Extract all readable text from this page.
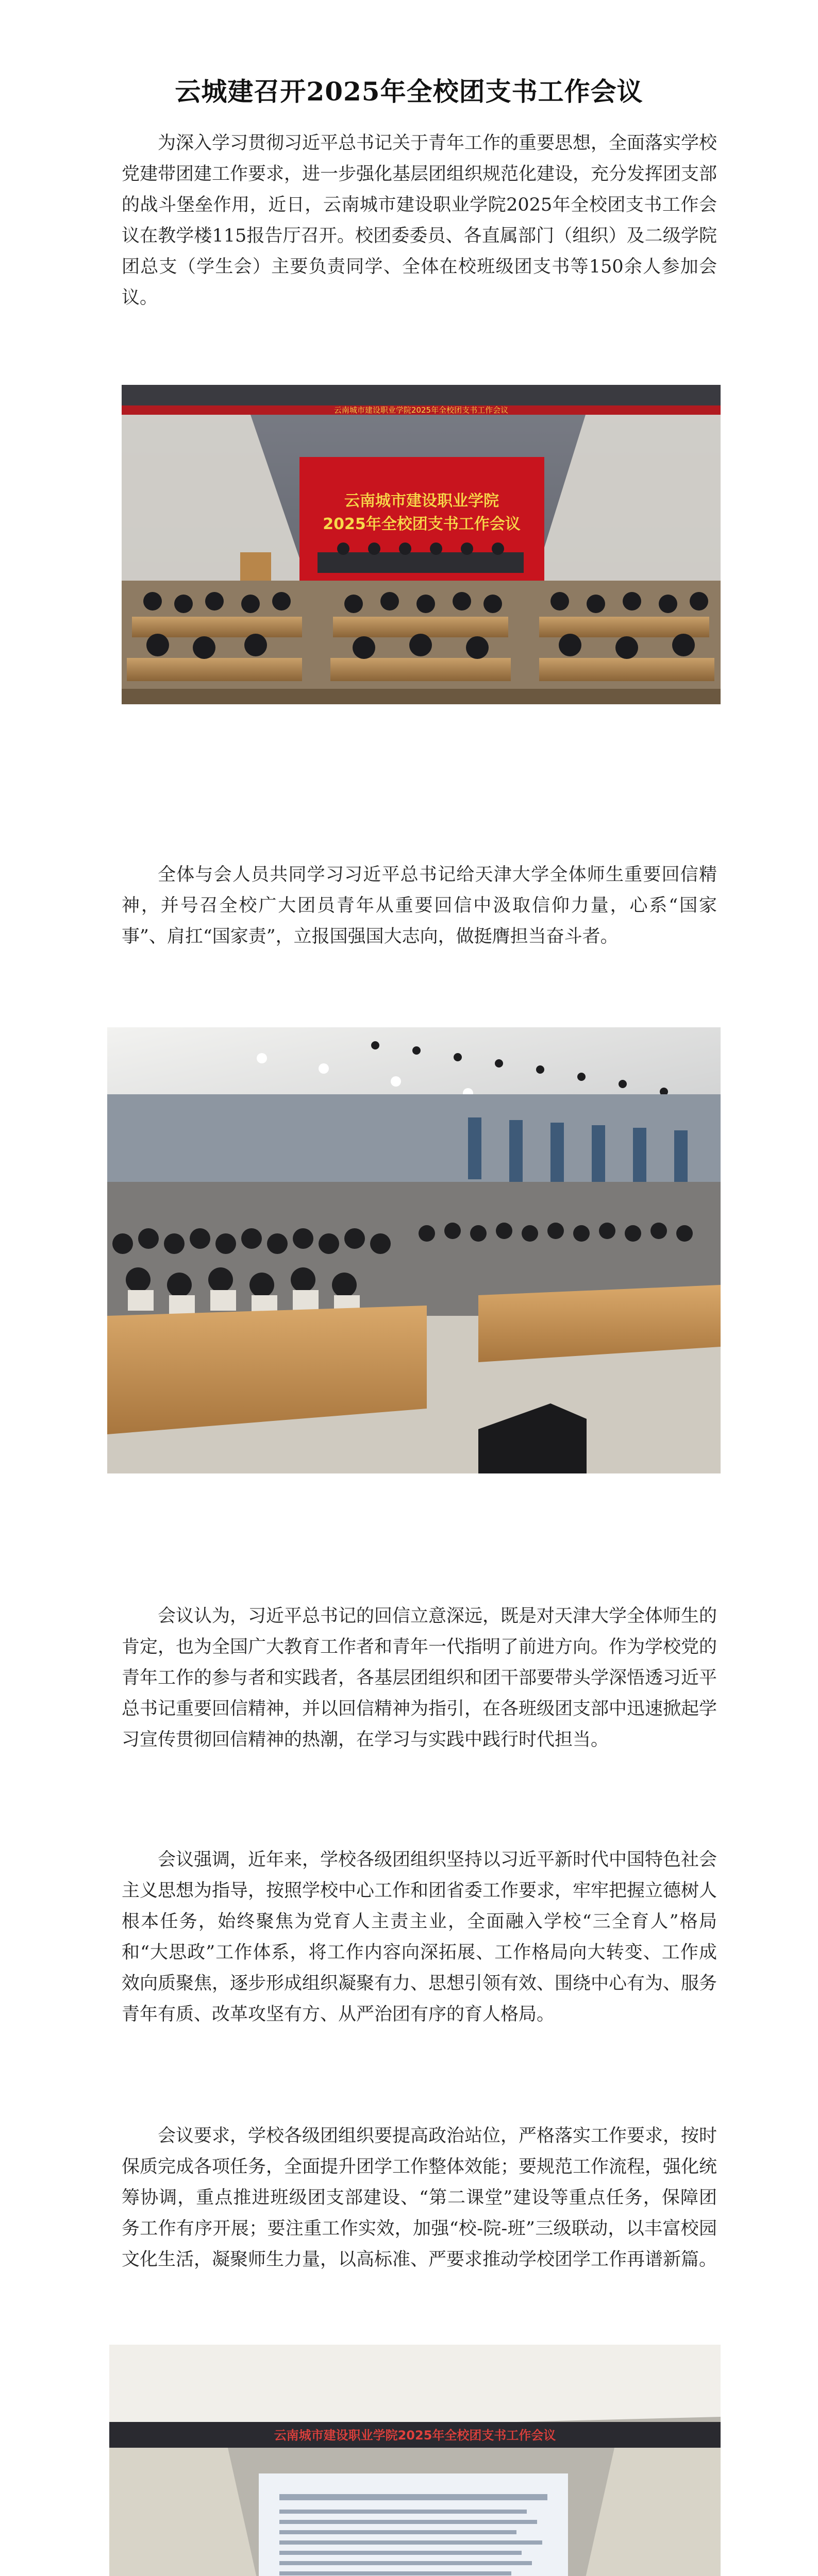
云城建召开2025年全校团支书工作会议

为深入学习贯彻习近平总书记关于青年工作的重要思想，全面落实学校党建带团建工作要求，进一步强化基层团组织规范化建设，充分发挥团支部的战斗堡垒作用，近日，云南城市建设职业学院2025年全校团支书工作会议在教学楼115报告厅召开。校团委委员、各直属部门（组织）及二级学院团总支（学生会）主要负责同学、全体在校班级团支书等150余人参加会议。

云南城市建设职业学院2025年全校团支书工作会议
云南城市建设职业学院
2025年全校团支书工作会议

全体与会人员共同学习习近平总书记给天津大学全体师生重要回信精神，并号召全校广大团员青年从重要回信中汲取信仰力量，心系“国家事”、肩扛“国家责”，立报国强国大志向，做挺膺担当奋斗者。

会议认为，习近平总书记的回信立意深远，既是对天津大学全体师生的肯定，也为全国广大教育工作者和青年一代指明了前进方向。作为学校党的青年工作的参与者和实践者，各基层团组织和团干部要带头学深悟透习近平总书记重要回信精神，并以回信精神为指引，在各班级团支部中迅速掀起学习宣传贯彻回信精神的热潮，在学习与实践中践行时代担当。

会议强调，近年来，学校各级团组织坚持以习近平新时代中国特色社会主义思想为指导，按照学校中心工作和团省委工作要求，牢牢把握立德树人根本任务，始终聚焦为党育人主责主业，全面融入学校“三全育人”格局和“大思政”工作体系，将工作内容向深拓展、工作格局向大转变、工作成效向质聚焦，逐步形成组织凝聚有力、思想引领有效、围绕中心有为、服务青年有质、改革攻坚有方、从严治团有序的育人格局。

会议要求，学校各级团组织要提高政治站位，严格落实工作要求，按时保质完成各项任务，全面提升团学工作整体效能；要规范工作流程，强化统筹协调，重点推进班级团支部建设、“第二课堂”建设等重点任务，保障团务工作有序开展；要注重工作实效，加强“校-院-班”三级联动，以丰富校园文化生活，凝聚师生力量，以高标准、严要求推动学校团学工作再谱新篇。

云南城市建设职业学院2025年全校团支书工作会议
